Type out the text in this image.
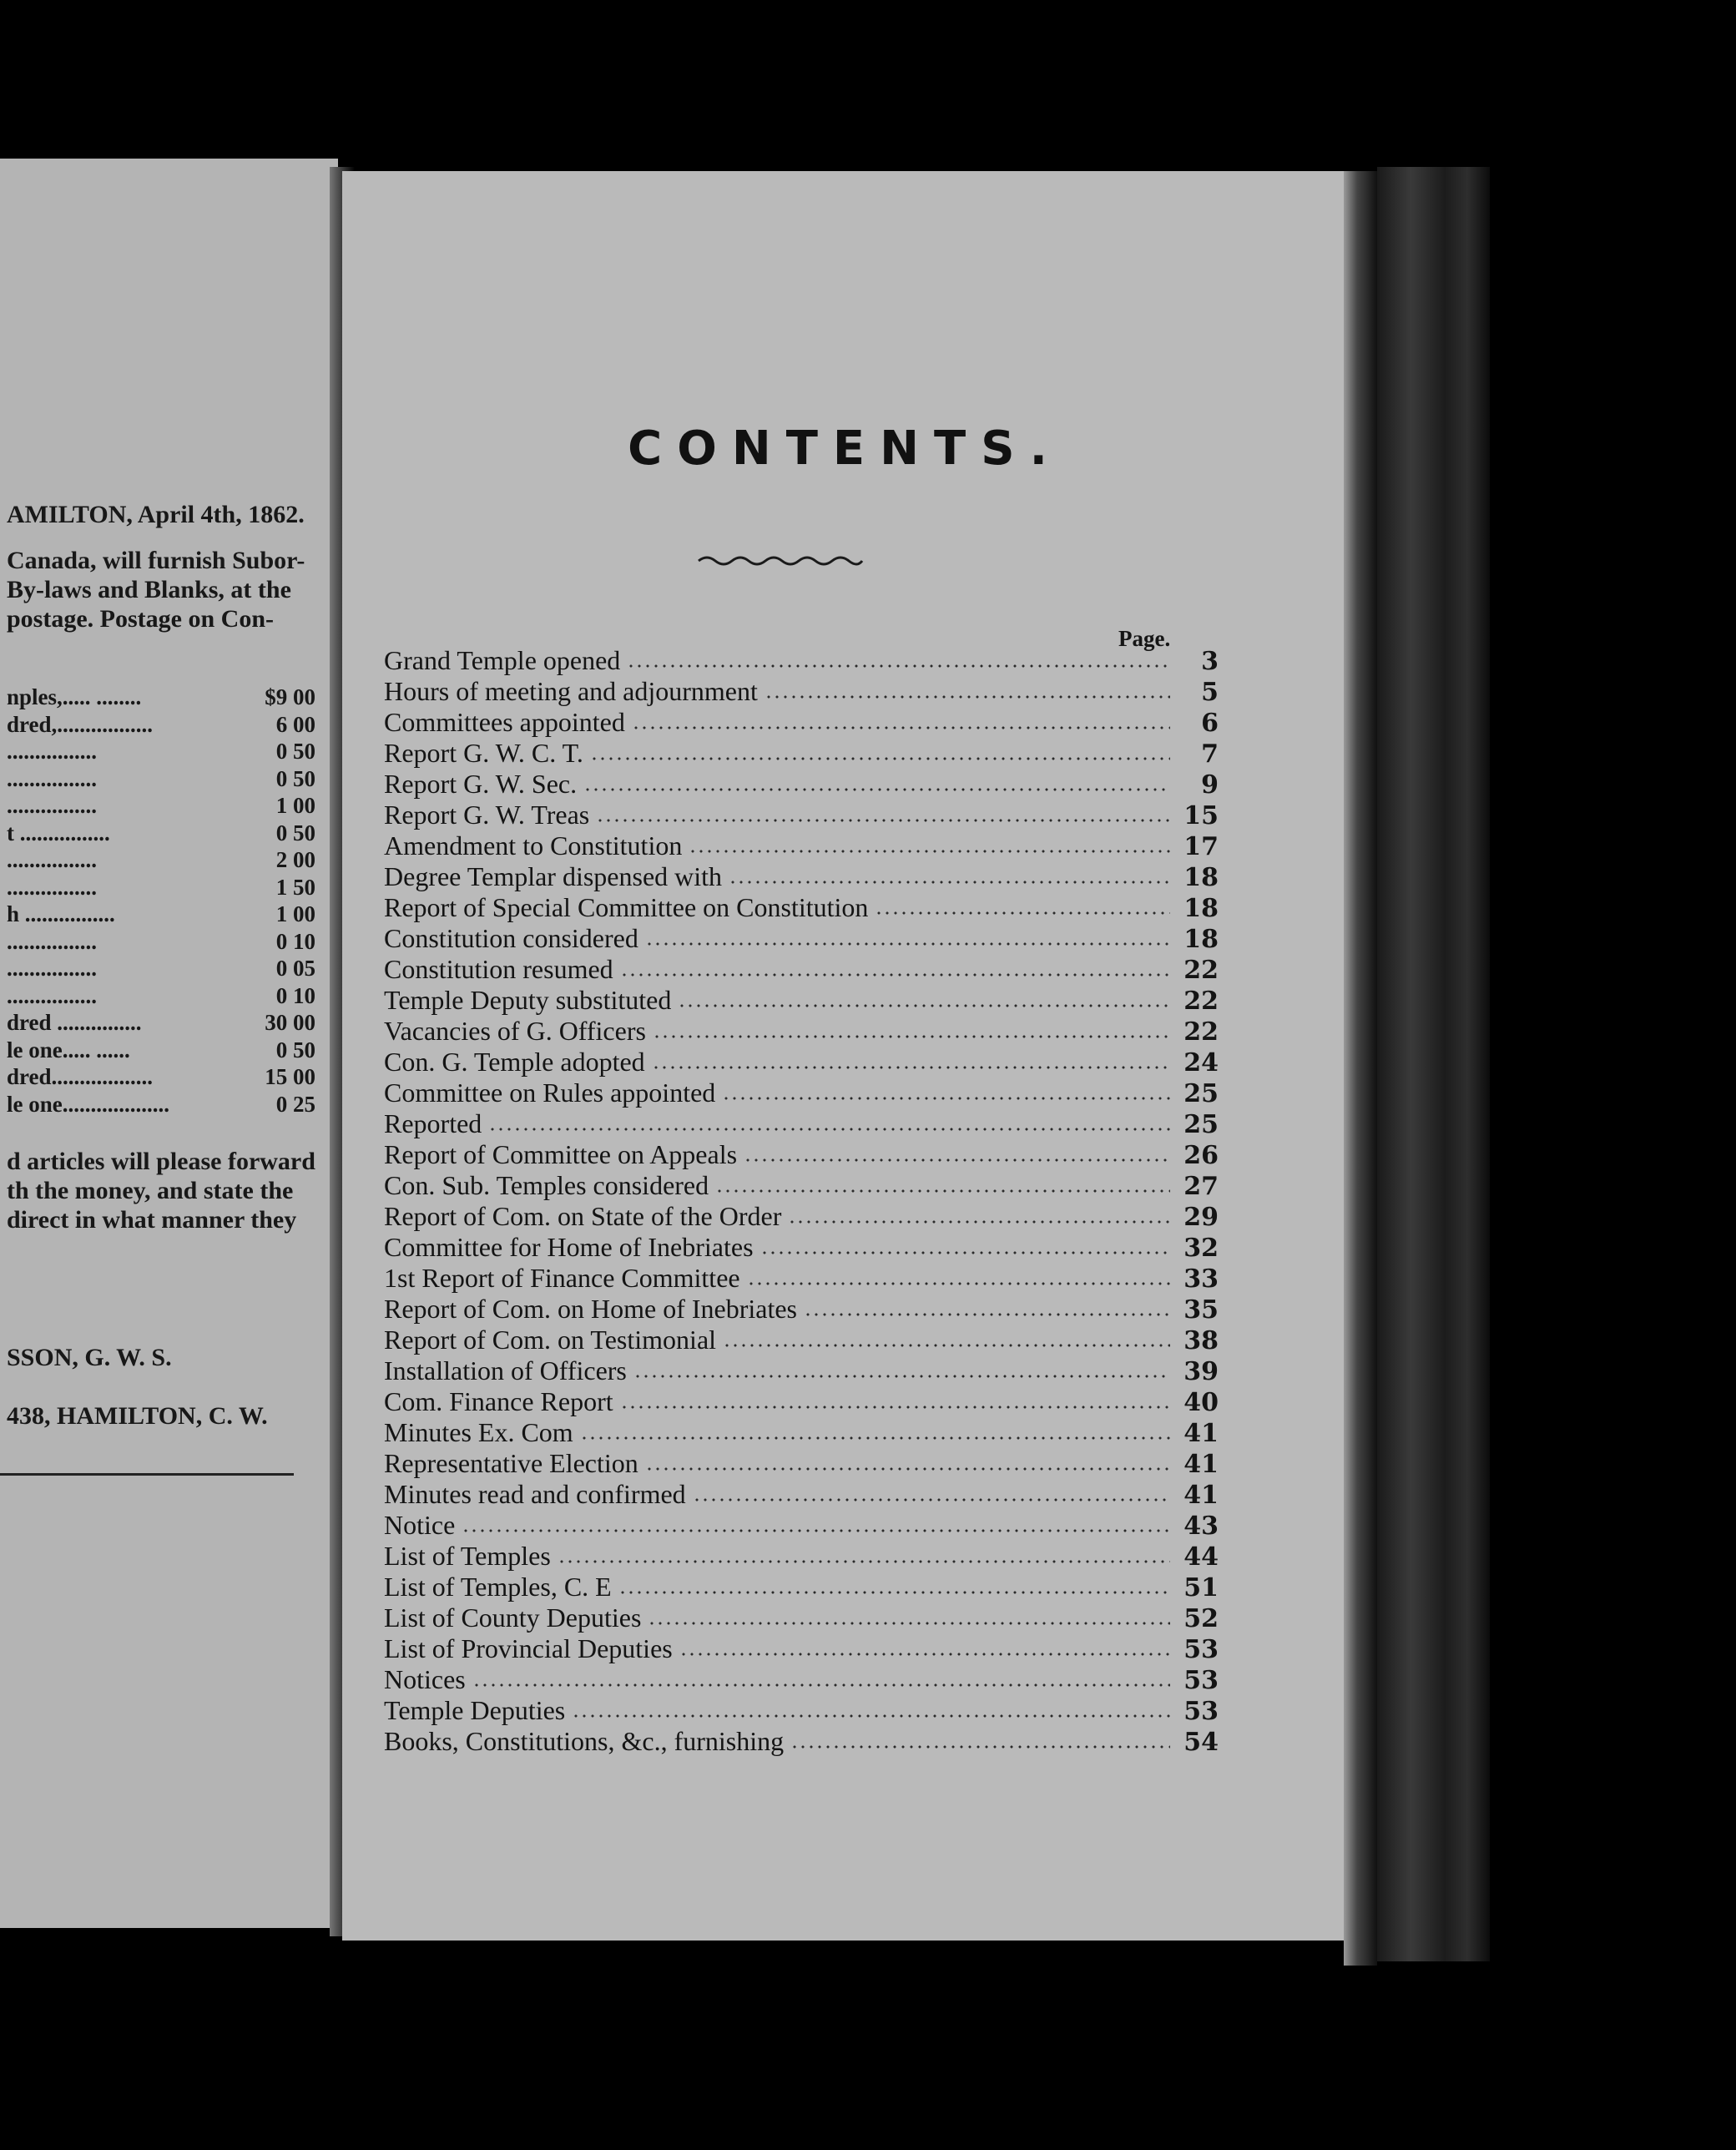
AMILTON, April 4th, 1862.
Canada, will furnish Subor-
By-laws and Blanks, at the
postage. Postage on Con-
nples,..... ........	$9 00
dred,.................	6 00
................	0 50
................	0 50
................	1 00
t ................	0 50
................	2 00
................	1 50
h ................	1 00
................	0 10
................	0 05
................	0 10
dred ...............	30 00
le one..... ......	0 50
dred..................	15 00
le one...................	0 25
d articles will please forward
th the money, and state the
direct in what manner they
SSON, G. W. S.
438, HAMILTON, C. W.
CONTENTS.
Page.
Grand Temple opened	3
Hours of meeting and adjournment	5
Committees appointed	6
Report G. W. C. T.	7
Report G. W. Sec.	9
Report G. W. Treas	15
Amendment to Constitution	17
Degree Templar dispensed with	18
Report of Special Committee on Constitution	18
Constitution considered	18
Constitution resumed	22
Temple Deputy substituted	22
Vacancies of G. Officers	22
Con. G. Temple adopted	24
Committee on Rules appointed	25
Reported	25
Report of Committee on Appeals	26
Con. Sub. Temples considered	27
Report of Com. on State of the Order	29
Committee for Home of Inebriates	32
1st Report of Finance Committee	33
Report of Com. on Home of Inebriates	35
Report of Com. on Testimonial	38
Installation of Officers	39
Com. Finance Report	40
Minutes Ex. Com	41
Representative Election	41
Minutes read and confirmed	41
Notice	43
List of Temples	44
List of Temples, C. E	51
List of County Deputies	52
List of Provincial Deputies	53
Notices	53
Temple Deputies	53
Books, Constitutions, &c., furnishing	54
